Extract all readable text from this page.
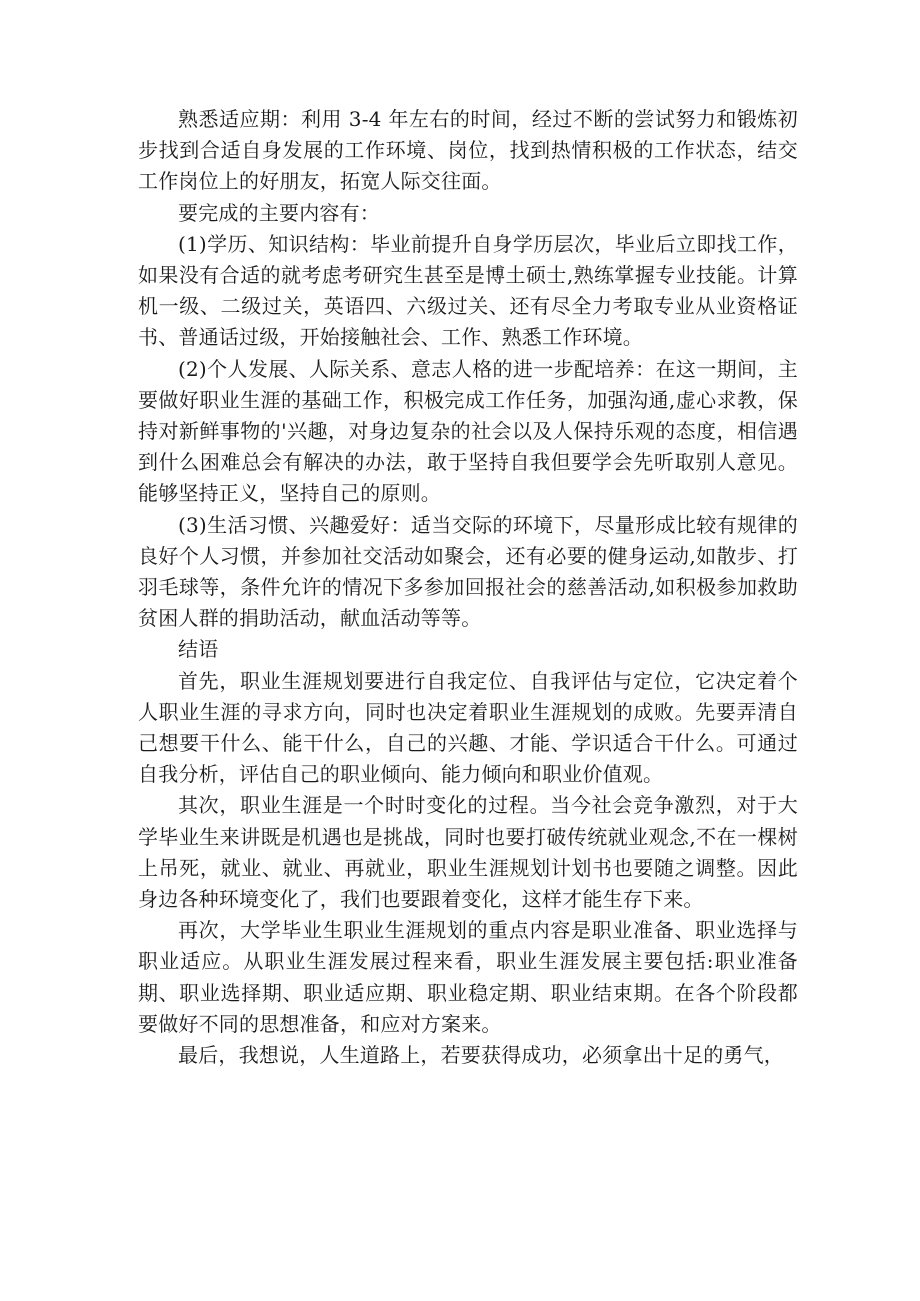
熟悉适应期：利用 3-4 年左右的时间，经过不断的尝试努力和锻炼初步找到合适自身发展的工作环境、岗位，找到热情积极的工作状态，结交工作岗位上的好朋友，拓宽人际交往面。

要完成的主要内容有：

(1)学历、知识结构：毕业前提升自身学历层次，毕业后立即找工作，如果没有合适的就考虑考研究生甚至是博土硕士,熟练掌握专业技能。计算机一级、二级过关，英语四、六级过关、还有尽全力考取专业从业资格证书、普通话过级，开始接触社会、工作、熟悉工作环境。

(2)个人发展、人际关系、意志人格的进一步配培养：在这一期间，主要做好职业生涯的基础工作，积极完成工作任务，加强沟通,虚心求教，保持对新鲜事物的'兴趣，对身边复杂的社会以及人保持乐观的态度，相信遇到什么困难总会有解决的办法，敢于坚持自我但要学会先听取别人意见。能够坚持正义，坚持自己的原则。

(3)生活习惯、兴趣爱好：适当交际的环境下，尽量形成比较有规律的良好个人习惯，并参加社交活动如聚会，还有必要的健身运动,如散步、打羽毛球等，条件允许的情况下多参加回报社会的慈善活动,如积极参加救助贫困人群的捐助活动，献血活动等等。

结语

首先，职业生涯规划要进行自我定位、自我评估与定位，它决定着个人职业生涯的寻求方向，同时也决定着职业生涯规划的成败。先要弄清自己想要干什么、能干什么，自己的兴趣、才能、学识适合干什么。可通过自我分析，评估自己的职业倾向、能力倾向和职业价值观。

其次，职业生涯是一个时时变化的过程。当今社会竞争激烈，对于大学毕业生来讲既是机遇也是挑战，同时也要打破传统就业观念,不在一棵树上吊死，就业、就业、再就业，职业生涯规划计划书也要随之调整。因此身边各种环境变化了，我们也要跟着变化，这样才能生存下来。

再次，大学毕业生职业生涯规划的重点内容是职业准备、职业选择与职业适应。从职业生涯发展过程来看，职业生涯发展主要包括:职业准备期、职业选择期、职业适应期、职业稳定期、职业结束期。在各个阶段都要做好不同的思想准备，和应对方案来。

最后，我想说，人生道路上，若要获得成功，必须拿出十足的勇气，
